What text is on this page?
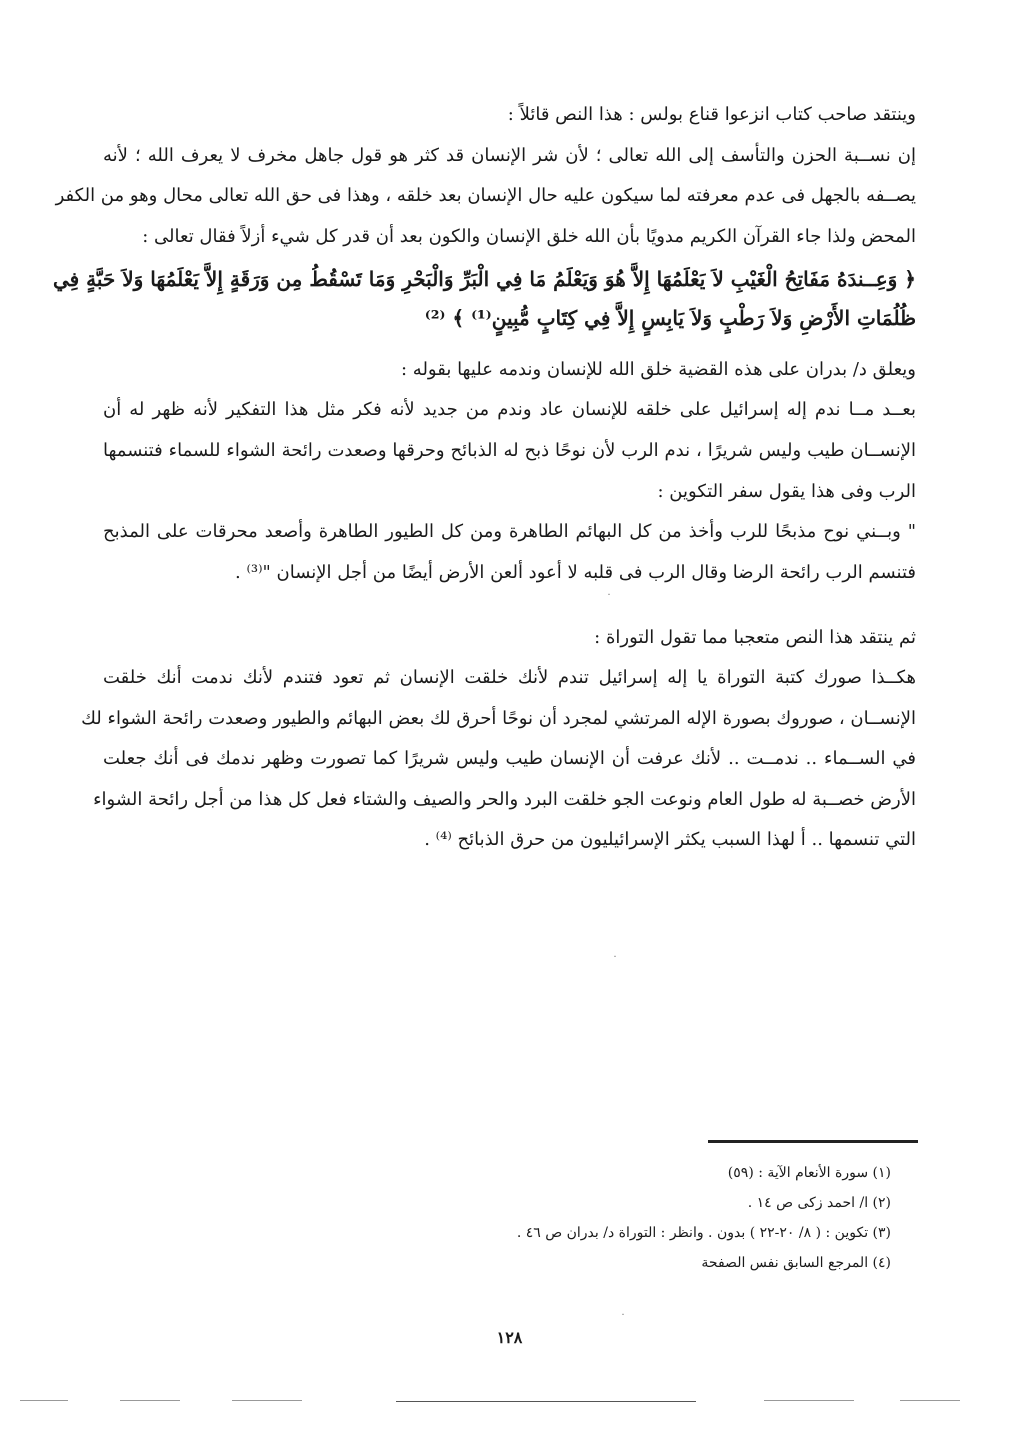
وينتقد صاحب كتاب انزعوا قناع بولس : هذا النص قائلاً :
إن نســبة الحزن والتأسف إلى الله تعالى ؛ لأن شر الإنسان قد كثر هو قول جاهل مخرف لا يعرف الله ؛ لأنه
يصــفه بالجهل فى عدم معرفته لما سيكون عليه حال الإنسان بعد خلقه ، وهذا فى حق الله تعالى محال وهو من الكفر
المحض ولذا جاء القرآن الكريم مدويًا بأن الله خلق الإنسان والكون بعد أن قدر كل شيء أزلاً فقال تعالى :
﴿ وَعِــندَهُ مَفَاتِحُ الْغَيْبِ لاَ يَعْلَمُهَا إِلاَّ هُوَ وَيَعْلَمُ مَا فِي الْبَرِّ وَالْبَحْرِ وَمَا تَسْقُطُ مِن وَرَقَةٍ إِلاَّ يَعْلَمُهَا وَلاَ حَبَّةٍ فِي
ظُلُمَاتِ الأَرْضِ وَلاَ رَطْبٍ وَلاَ يَابِسٍ إِلاَّ فِي كِتَابٍ مُّبِينٍ⁽¹⁾ ﴾ ⁽²⁾
ويعلق د/ بدران على هذه القضية خلق الله للإنسان وندمه عليها بقوله :
بعــد مــا ندم إله إسرائيل على خلقه للإنسان عاد وندم من جديد لأنه فكر مثل هذا التفكير لأنه ظهر له أن
الإنســان طيب وليس شريرًا ، ندم الرب لأن نوحًا ذبح له الذبائح وحرقها وصعدت رائحة الشواء للسماء فتنسمها
الرب وفى هذا يقول سفر التكوين :
" وبــني نوح مذبحًا للرب وأخذ من كل البهائم الطاهرة ومن كل الطيور الطاهرة وأصعد محرقات على المذبح
فتنسم الرب رائحة الرضا وقال الرب فى قلبه لا أعود ألعن الأرض أيضًا من أجل الإنسان "⁽³⁾ .
˙
ثم ينتقد هذا النص متعجبا مما تقول التوراة :
هكــذا صورك كتبة التوراة يا إله إسرائيل تندم لأنك خلقت الإنسان ثم تعود فتندم لأنك ندمت أنك خلقت
الإنســان ، صوروك بصورة الإله المرتشي لمجرد أن نوحًا أحرق لك بعض البهائم والطيور وصعدت رائحة الشواء لك
في الســماء .. ندمــت .. لأنك عرفت أن الإنسان طيب وليس شريرًا كما تصورت وظهر ندمك فى أنك جعلت
الأرض خصــبة له طول العام ونوعت الجو خلقت البرد والحر والصيف والشتاء فعل كل هذا من أجل رائحة الشواء
التي تنسمها .. أ لهذا السبب يكثر الإسرائيليون من حرق الذبائح ⁽⁴⁾ .
˙
(١) سورة الأنعام الآية : (٥٩)
(٢) ا/ احمد زكى ص ١٤ .
(٣) تكوين : ( ٨/ ٢٠-٢٢ ) بدون . وانظر : التوراة د/ بدران ص ٤٦ .
(٤) المرجع السابق نفس الصفحة
١٢٨
˙
